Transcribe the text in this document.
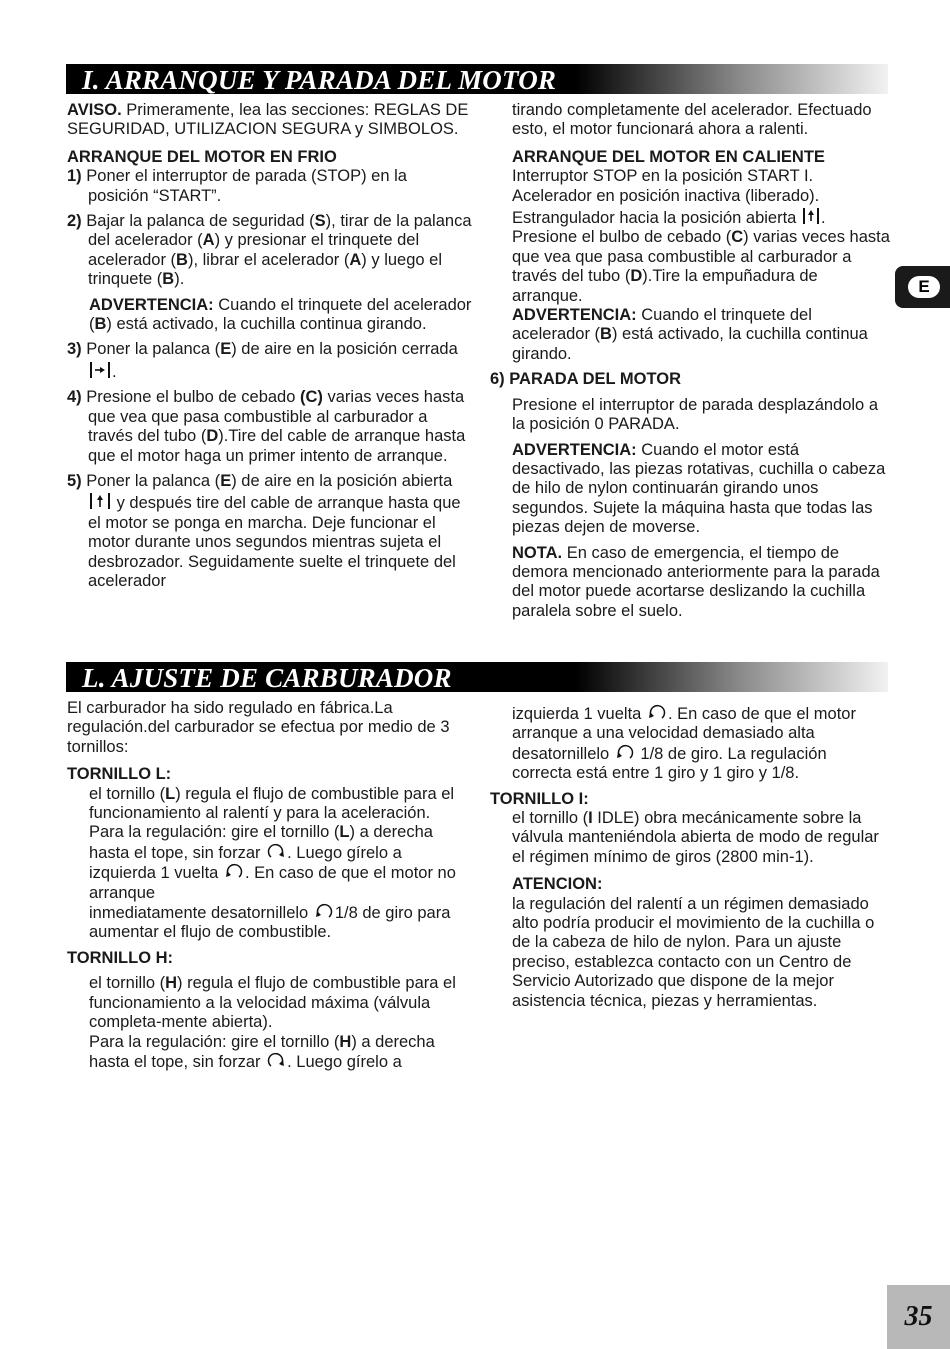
I. ARRANQUE Y PARADA DEL MOTOR

AVISO. Primeramente, lea las secciones: REGLAS DE SEGURIDAD, UTILIZACION SEGURA y SIMBOLOS.

ARRANQUE DEL MOTOR EN FRIO

1) Poner el interruptor de parada (STOP) en la posición “START”.

2) Bajar la palanca de seguridad (S), tirar de la palanca del acelerador (A) y presionar el trinquete del acelerador (B), librar el acelerador (A) y luego el trinquete (B).

ADVERTENCIA: Cuando el trinquete del acelerador (B) está activado, la cuchilla continua girando.

3) Poner la palanca (E) de aire en la posición cerrada .

4) Presione el bulbo de cebado (C) varias veces hasta que vea que pasa combustible al carburador a través del tubo (D).Tire del cable de arranque hasta que el motor haga un primer intento de arranque.

5) Poner la palanca (E) de aire en la posición abierta  y después tire del cable de arranque hasta que el motor se ponga en marcha. Deje funcionar el motor durante unos segundos mientras sujeta el desbrozador. Seguidamente suelte el trinquete del acelerador

tirando completamente del acelerador. Efectuado esto, el motor funcionará ahora a ralenti.

ARRANQUE DEL MOTOR EN CALIENTE

Interruptor STOP en la posición START I. Acelerador en posición inactiva (liberado). Estrangulador hacia la posición abierta . Presione el bulbo de cebado (C) varias veces hasta que vea que pasa combustible al carburador a través del tubo (D).Tire la empuñadura de arranque.

ADVERTENCIA: Cuando el trinquete del acelerador (B) está activado, la cuchilla continua girando.

6) PARADA DEL MOTOR

Presione el interruptor de parada desplazándolo a la posición 0 PARADA.

ADVERTENCIA: Cuando el motor está desactivado, las piezas rotativas, cuchilla o cabeza de hilo de nylon continuarán girando unos segundos. Sujete la máquina hasta que todas las piezas dejen de moverse.

NOTA. En caso de emergencia, el tiempo de demora mencionado anteriormente para la parada del motor puede acortarse deslizando la cuchilla paralela sobre el suelo.

L. AJUSTE DE CARBURADOR

El carburador ha sido regulado en fábrica.La regulación.del carburador se efectua por medio de 3 tornillos:

TORNILLO L:

el tornillo (L) regula el flujo de combustible para el funcionamiento al ralentí y para la aceleración.
Para la regulación: gire el tornillo (L) a derecha hasta el tope, sin forzar . Luego gírelo a izquierda 1 vuelta . En caso de que el motor no arranque
inmediatamente desatornillelo 1/8 de giro para aumentar el flujo de combustible.

TORNILLO H:

el tornillo (H) regula el flujo de combustible para el funcionamiento a la velocidad máxima (válvula completa-mente abierta).
Para la regulación: gire el tornillo (H) a derecha hasta el tope, sin forzar . Luego gírelo a

izquierda 1 vuelta . En caso de que el motor arranque a una velocidad demasiado alta desatornillelo  1/8 de giro. La regulación correcta está entre 1 giro y 1 giro y 1/8.

TORNILLO I:

el tornillo (I IDLE) obra mecánicamente sobre la válvula manteniéndola abierta de modo de regular el régimen mínimo de giros (2800 min-1).

ATENCION:

la regulación del ralentí a un régimen demasiado alto podría producir el movimiento de la cuchilla o de la cabeza de hilo de nylon. Para un ajuste preciso, establezca contacto con un Centro de Servicio Autorizado que dispone de la mejor asistencia técnica, piezas y herramientas.

E
35
